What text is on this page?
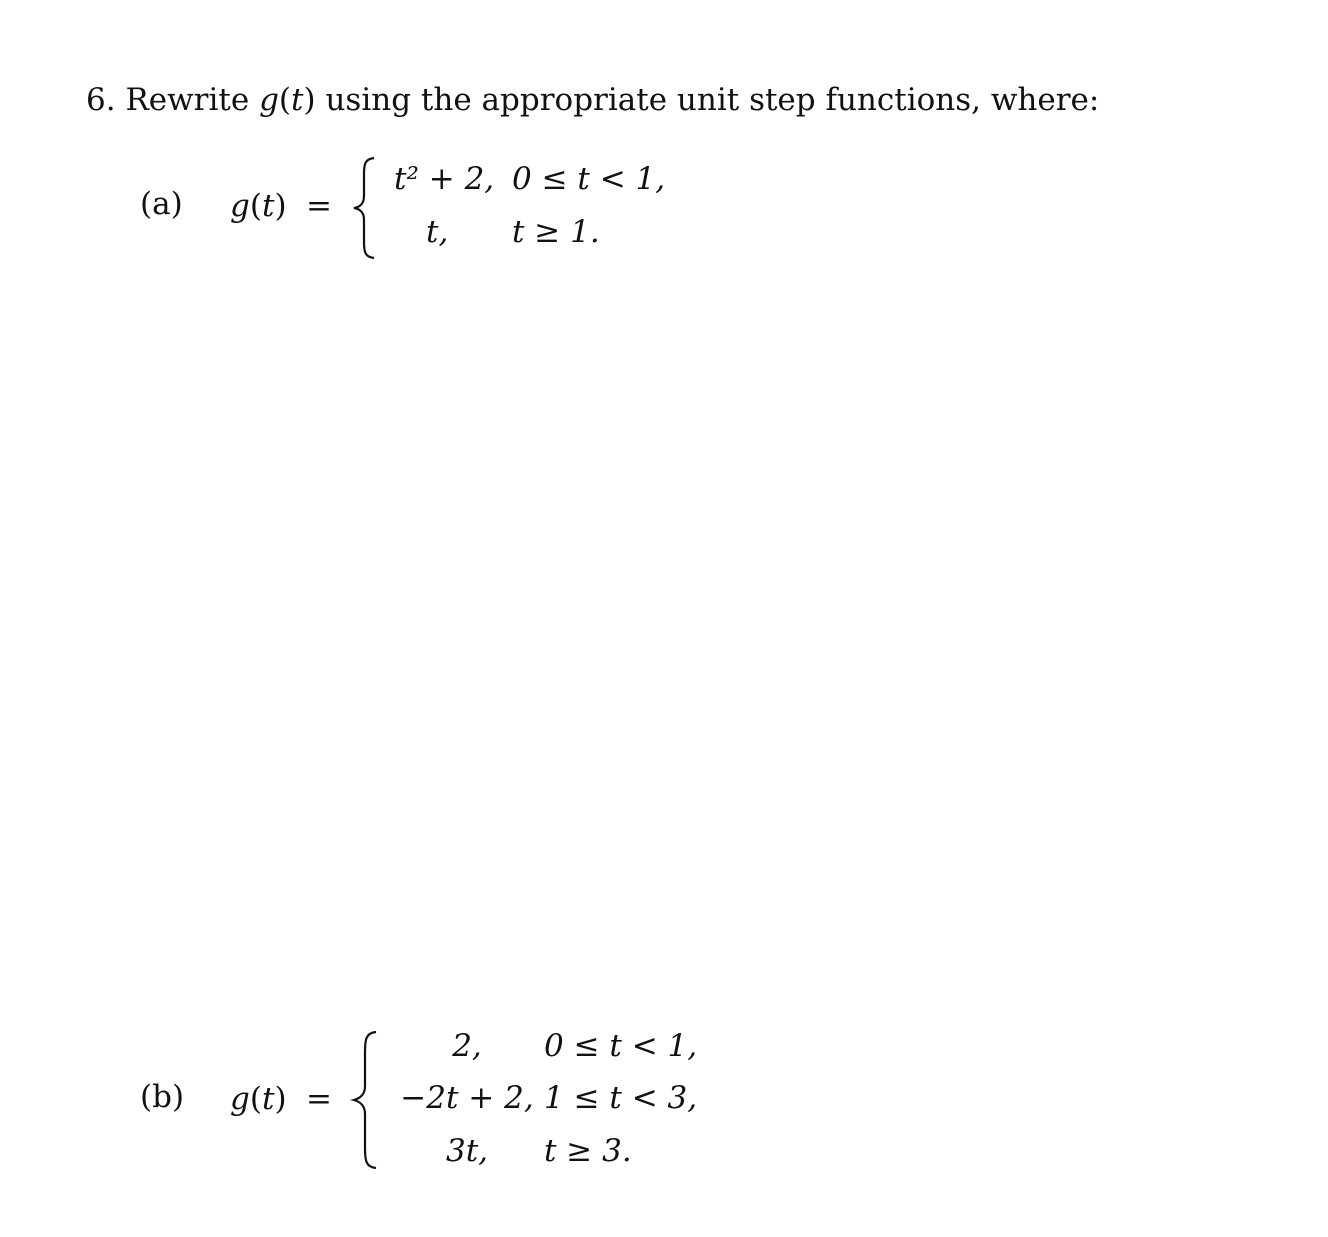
6. Rewrite g(t) using the appropriate unit step functions, where:
(a) g(t) =
t² + 2, 0 ≤ t < 1,
t, t ≥ 1.
(b) g(t) =
2,	0 ≤ t < 1,
−2t + 2, 1 ≤ t < 3,
3t,	t ≥ 3.
